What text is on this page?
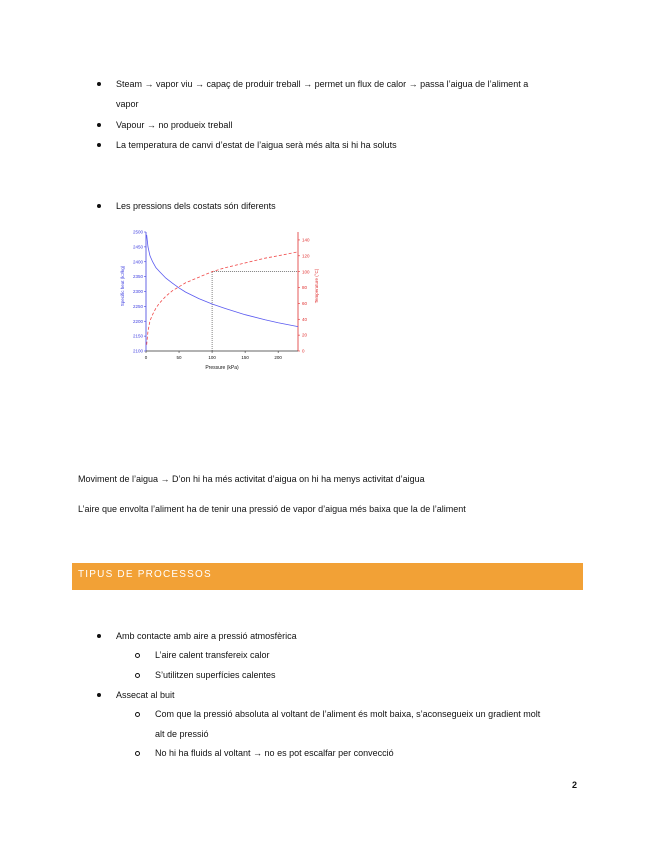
Steam → vapor viu → capaç de produir treball → permet un flux de calor → passa l’aigua de l’aliment a
vapor
Vapour → no produeix treball
La temperatura de canvi d’estat de l’aigua serà més alta si hi ha soluts
Les pressions dels costats són diferents
2100
2150
2200
2250
2300
2350
2400
2450
2500
0
20
40
60
80
100
120
140
0	50	100	150	200
Specific heat (kJ/kg)	Temperature (°C)
Pressure (kPa)
Moviment de l’aigua → D’on hi ha més activitat d’aigua on hi ha menys activitat d’aigua
L’aire que envolta l’aliment ha de tenir una pressió de vapor d’aigua més baixa que la de l’aliment
TIPUS DE PROCESSOS
Amb contacte amb aire a pressió atmosfèrica
L’aire calent transfereix calor
S’utilitzen superfícies calentes
Assecat al buit
Com que la pressió absoluta al voltant de l’aliment és molt baixa, s’aconsegueix un gradient molt
alt de pressió
No hi ha fluids al voltant → no es pot escalfar per convecció
2
